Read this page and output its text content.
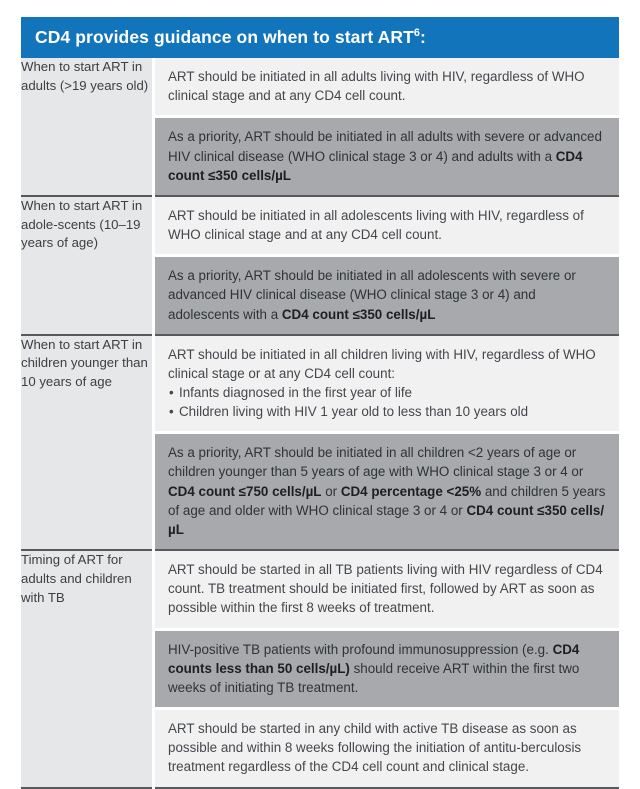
CD4 provides guidance on when to start ART$^6$:
When to start ART in adults (>19 years old)	ART should be initiated in all adults living with HIV, regardless of WHO clinical stage and at any CD4 cell count.
As a priority, ART should be initiated in all adults with severe or advanced HIV clinical disease (WHO clinical stage 3 or 4) and adults with a CD4 count ≤350 cells/µL

When to start ART in adole-scents (10–19 years of age)	ART should be initiated in all adolescents living with HIV, regardless of WHO clinical stage and at any CD4 cell count.
As a priority, ART should be initiated in all adolescents with severe or advanced HIV clinical disease (WHO clinical stage 3 or 4) and adolescents with a CD4 count ≤350 cells/µL

When to start ART in children younger than 10 years of age	
ART should be initiated in all children living with HIV, regardless of WHO clinical stage or at any CD4 cell count:
• Infants diagnosed in the first year of life
• Children living with HIV 1 year old to less than 10 years old
As a priority, ART should be initiated in all children <2 years of age or children younger than 5 years of age with WHO clinical stage 3 or 4 or CD4 count ≤750 cells/µL or CD4 percentage <25% and children 5 years of age and older with WHO clinical stage 3 or 4 or CD4 count ≤350 cells/µL

Timing of ART for adults and children with TB	ART should be started in all TB patients living with HIV regardless of CD4 count. TB treatment should be initiated first, followed by ART as soon as possible within the first 8 weeks of treatment.
HIV-positive TB patients with profound immunosuppression (e.g. CD4 counts less than 50 cells/µL) should receive ART within the first two weeks of initiating TB treatment.
ART should be started in any child with active TB disease as soon as possible and within 8 weeks following the initiation of antitu-berculosis treatment regardless of the CD4 cell count and clinical stage.
